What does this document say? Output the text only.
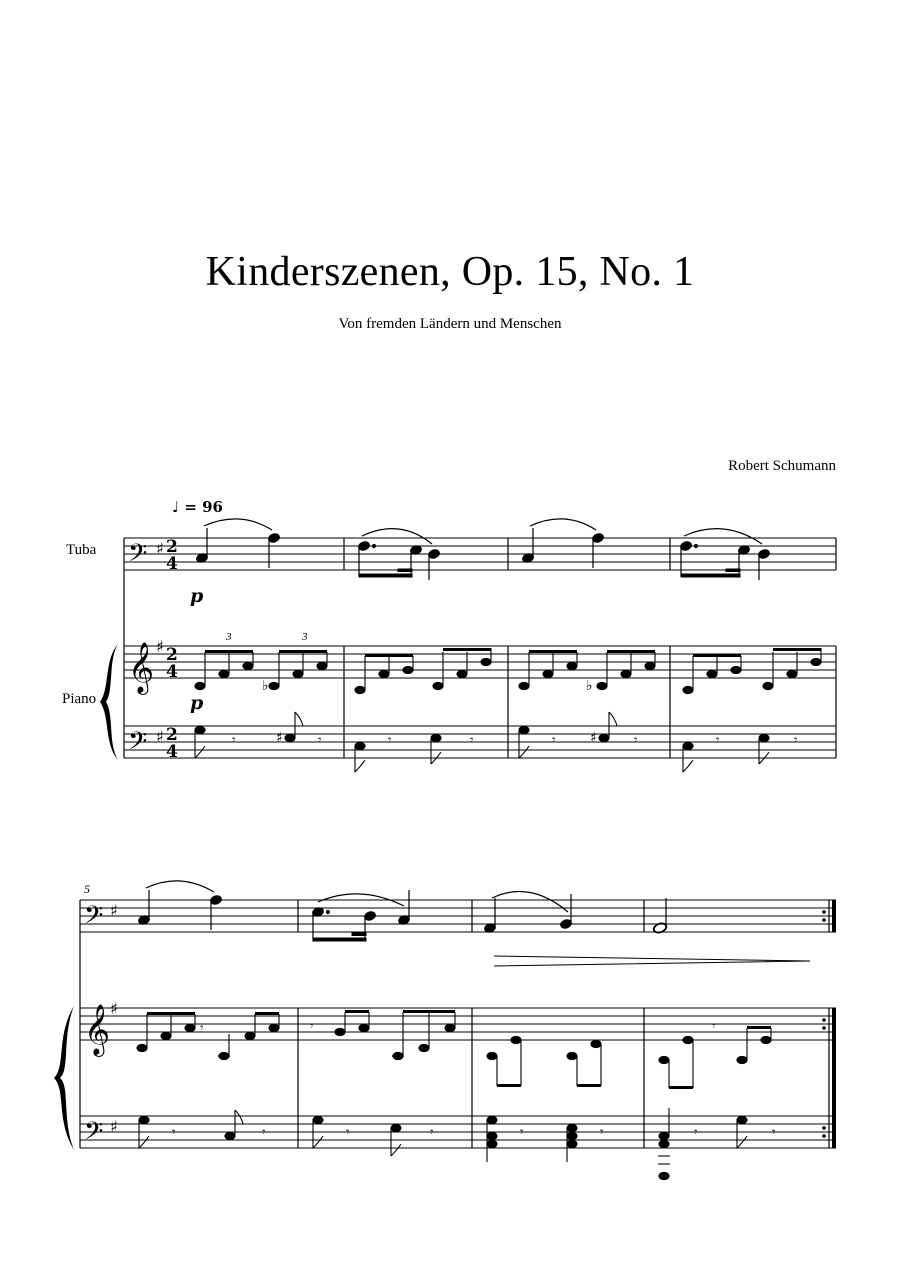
Kinderszenen, Op. 15, No. 1
Von fremden Ländern und Menschen
Robert Schumann
♩ = 96
Tuba
Piano
p
p
5
𝄢
𝄞
𝄢
𝄢
𝄞
𝄢
♯
♯
♯
♯
♯
♯
2
4
2
4
2
4
3	3
♭	♭
𝄾	𝄾	𝄾	𝄾	𝄾	𝄾	𝄾	𝄾
♯	♯
𝄾	𝄾	𝄾
𝄾	𝄾	𝄾	𝄾	𝄾	𝄾	𝄾	𝄾
